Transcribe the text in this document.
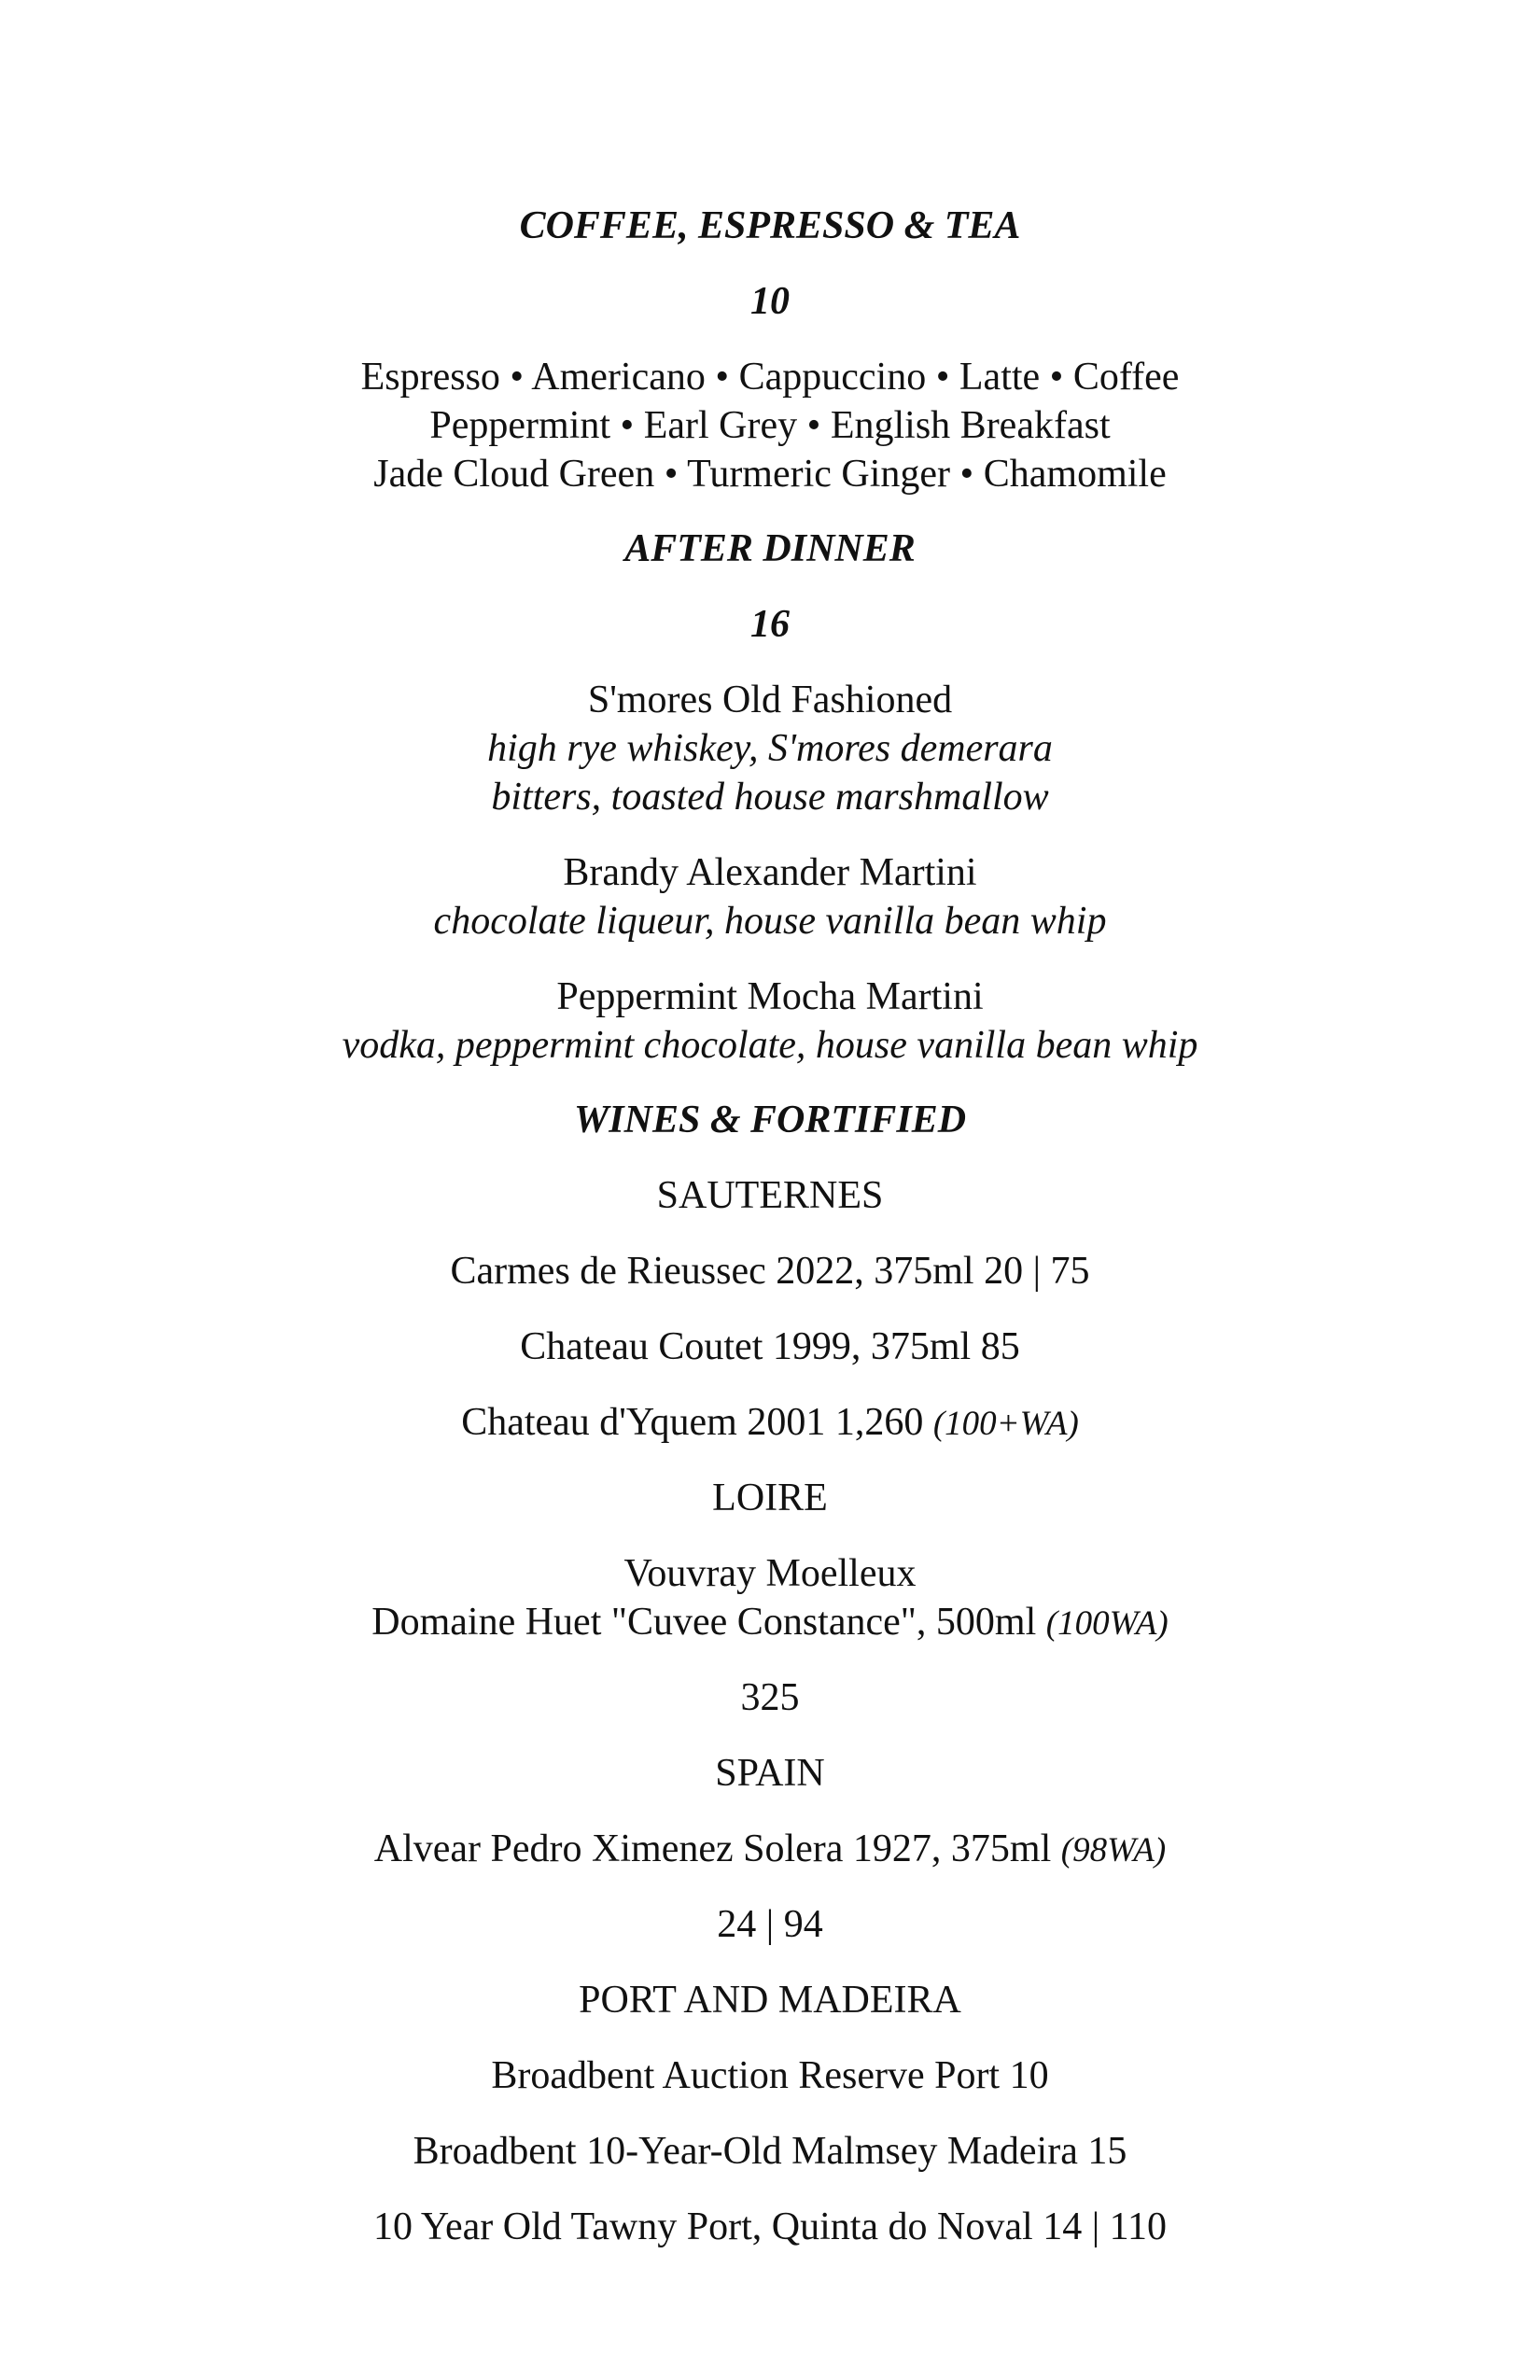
COFFEE, ESPRESSO & TEA
10
Espresso • Americano • Cappuccino • Latte • Coffee
Peppermint • Earl Grey • English Breakfast
Jade Cloud Green • Turmeric Ginger • Chamomile
AFTER DINNER
16
S'mores Old Fashioned
high rye whiskey, S'mores demerara
bitters, toasted house marshmallow
Brandy Alexander Martini
chocolate liqueur, house vanilla bean whip
Peppermint Mocha Martini
vodka, peppermint chocolate, house vanilla bean whip
WINES & FORTIFIED
SAUTERNES
Carmes de Rieussec 2022, 375ml 20 | 75
Chateau Coutet 1999, 375ml 85
Chateau d'Yquem 2001 1,260 (100+WA)
LOIRE
Vouvray Moelleux
Domaine Huet "Cuvee Constance", 500ml (100WA)
325
SPAIN
Alvear Pedro Ximenez Solera 1927, 375ml (98WA)
24 | 94
PORT AND MADEIRA
Broadbent Auction Reserve Port 10
Broadbent 10-Year-Old Malmsey Madeira 15
10 Year Old Tawny Port, Quinta do Noval 14 | 110
